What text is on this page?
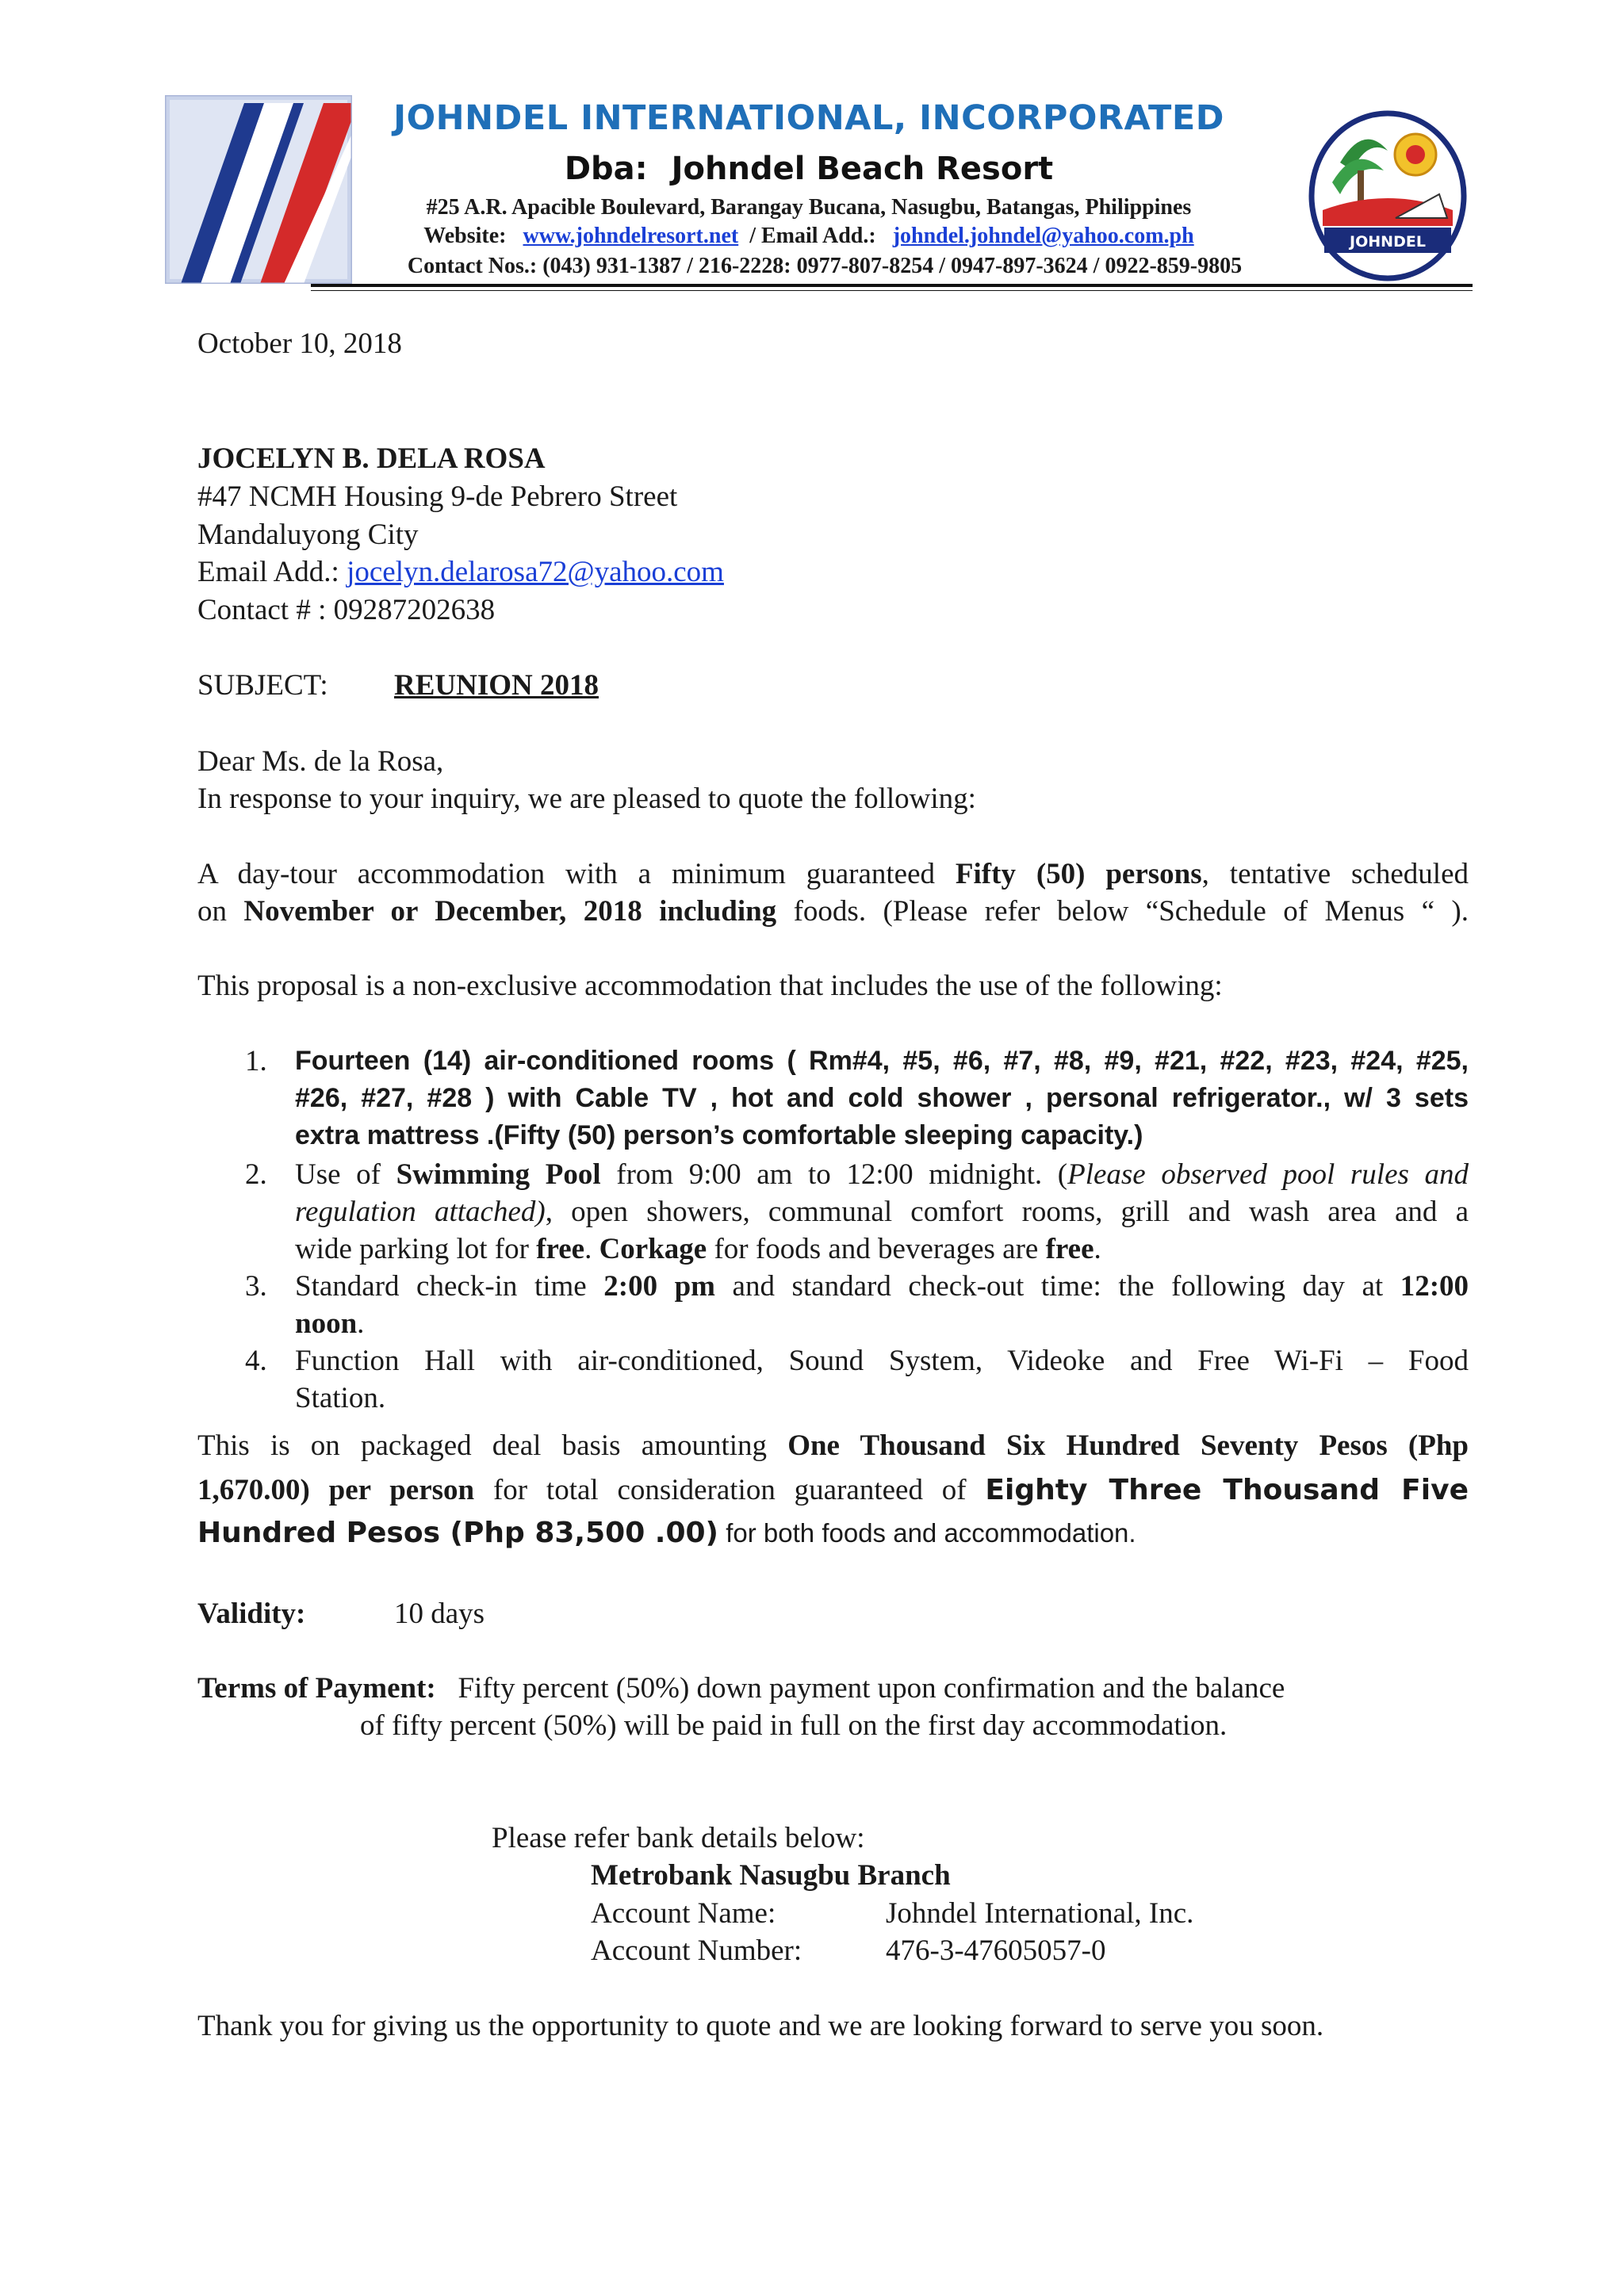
JOHNDEL INTERNATIONAL, INCORPORATED
Dba: Johndel Beach Resort
#25 A.R. Apacible Boulevard, Barangay Bucana, Nasugbu, Batangas, Philippines
Website: www.johndelresort.net / Email Add.: johndel.johndel@yahoo.com.ph
Contact Nos.: (043) 931-1387 / 216-2228: 0977-807-8254 / 0947-897-3624 / 0922-859-9805
JOHNDEL
October 10, 2018
JOCELYN B. DELA ROSA
#47 NCMH Housing 9-de Pebrero Street
Mandaluyong City
Email Add.: jocelyn.delarosa72@yahoo.com
Contact # : 09287202638
SUBJECT: REUNION 2018
Dear Ms. de la Rosa,
In response to your inquiry, we are pleased to quote the following:
A day-tour accommodation with a minimum guaranteed Fifty (50) persons, tentative scheduled
on November or December, 2018 including foods. (Please refer below “Schedule of Menus “ ).
This proposal is a non-exclusive accommodation that includes the use of the following:
1. Fourteen (14) air-conditioned rooms ( Rm#4, #5, #6, #7, #8, #9, #21, #22, #23, #24, #25,
#26, #27, #28 ) with Cable TV , hot and cold shower , personal refrigerator., w/ 3 sets
extra mattress .(Fifty (50) person’s comfortable sleeping capacity.)
2. Use of Swimming Pool from 9:00 am to 12:00 midnight. (Please observed pool rules and
regulation attached), open showers, communal comfort rooms, grill and wash area and a
wide parking lot for free. Corkage for foods and beverages are free.
3. Standard check-in time 2:00 pm and standard check-out time: the following day at 12:00
noon.
4. Function Hall with air-conditioned, Sound System, Videoke and Free Wi-Fi – Food
Station.
This is on packaged deal basis amounting One Thousand Six Hundred Seventy Pesos (Php
1,670.00) per person for total consideration guaranteed of Eighty Three Thousand Five
Hundred Pesos (Php 83,500 .00) for both foods and accommodation.
Validity:	10 days
Terms of Payment: Fifty percent (50%) down payment upon confirmation and the balance
of fifty percent (50%) will be paid in full on the first day accommodation.
Please refer bank details below:
Metrobank Nasugbu Branch
Account Name:	Johndel International, Inc.
Account Number:	476-3-47605057-0
Thank you for giving us the opportunity to quote and we are looking forward to serve you soon.
